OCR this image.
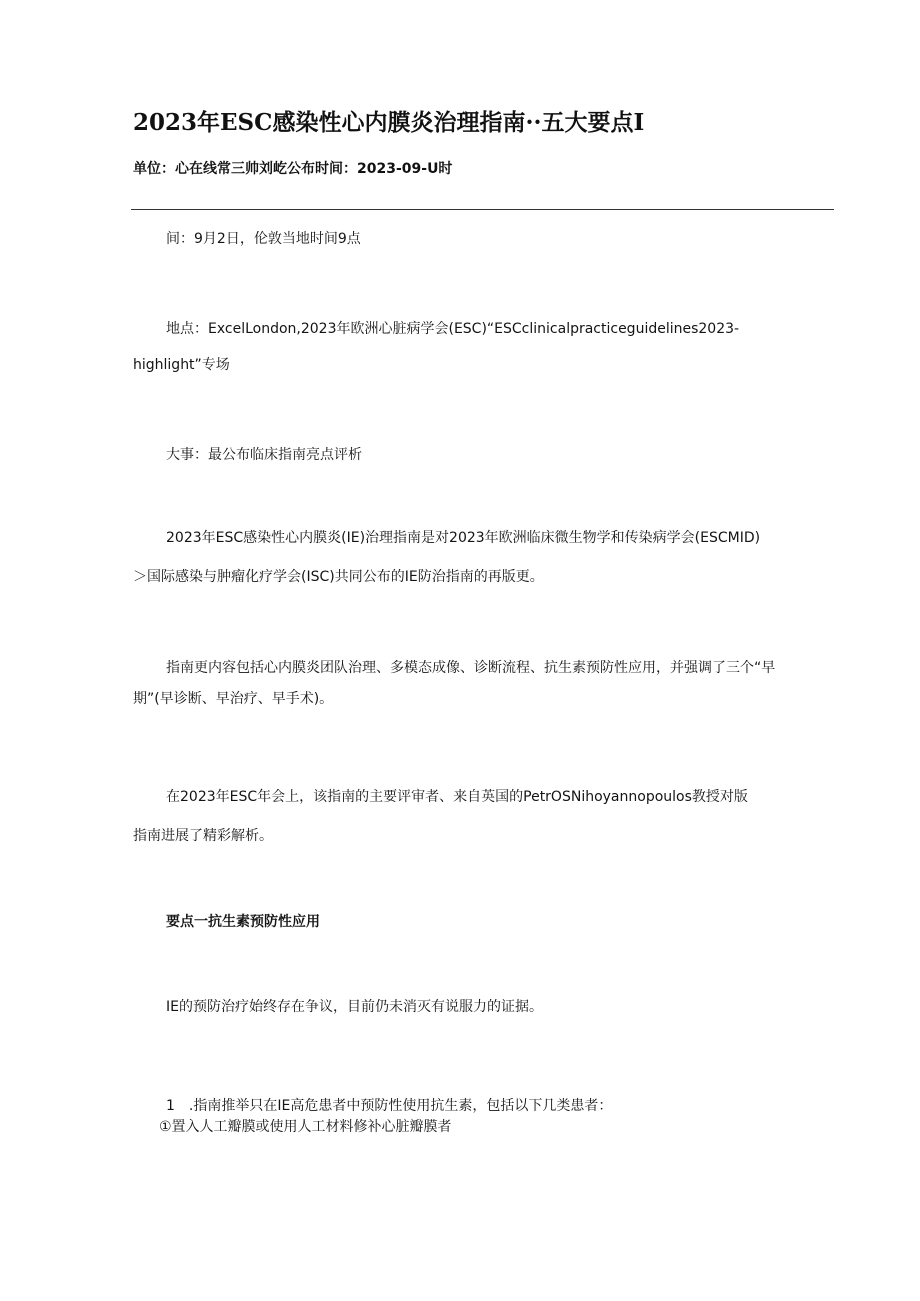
2023年ESC感染性心内膜炎治理指南··五大要点I
单位：心在线常三帅刘屹公布时间：2023-09-U时
间：9月2日，伦敦当地时间9点
地点：ExcelLondon,2023年欧洲心脏病学会(ESC)“ESCclinicalpracticeguidelines2023-
highlight”专场
大事：最公布临床指南亮点评析
2023年ESC感染性心内膜炎(IE)治理指南是对2023年欧洲临床微生物学和传染病学会(ESCMID)
＞国际感染与肿瘤化疗学会(ISC)共同公布的IE防治指南的再版更。
指南更内容包括心内膜炎团队治理、多模态成像、诊断流程、抗生素预防性应用，并强调了三个“早
期”(早诊断、早治疗、早手术)。
在2023年ESC年会上，该指南的主要评审者、来自英国的PetrOSNihoyannopoulos教授对版
指南进展了精彩解析。
要点一抗生素预防性应用
IE的预防治疗始终存在争议，目前仍未消灭有说服力的证据。
1　.指南推举只在IE高危患者中预防性使用抗生素，包括以下几类患者：
①置入人工瓣膜或使用人工材料修补心脏瓣膜者
